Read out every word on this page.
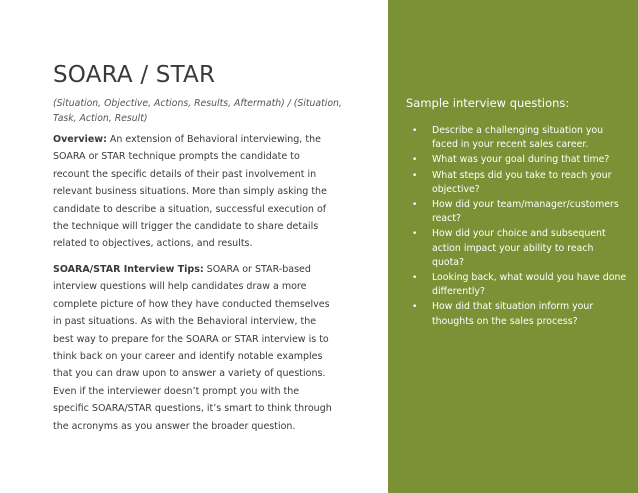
SOARA / STAR
(Situation, Objective, Actions, Results, Aftermath) / (Situation, Task, Action, Result)
Overview: An extension of Behavioral interviewing, the SOARA or STAR technique prompts the candidate to recount the specific details of their past involvement in relevant business situations. More than simply asking the candidate to describe a situation, successful execution of the technique will trigger the candidate to share details related to objectives, actions, and results.
SOARA/STAR Interview Tips: SOARA or STAR-based interview questions will help candidates draw a more complete picture of how they have conducted themselves in past situations. As with the Behavioral interview, the best way to prepare for the SOARA or STAR interview is to think back on your career and identify notable examples that you can draw upon to answer a variety of questions. Even if the interviewer doesn’t prompt you with the specific SOARA/STAR questions, it’s smart to think through the acronyms as you answer the broader question.
Sample interview questions:
• Describe a challenging situation you faced in your recent sales career.
• What was your goal during that time?
• What steps did you take to reach your objective?
• How did your team/manager/customers react?
• How did your choice and subsequent action impact your ability to reach quota?
• Looking back, what would you have done differently?
• How did that situation inform your thoughts on the sales process?
